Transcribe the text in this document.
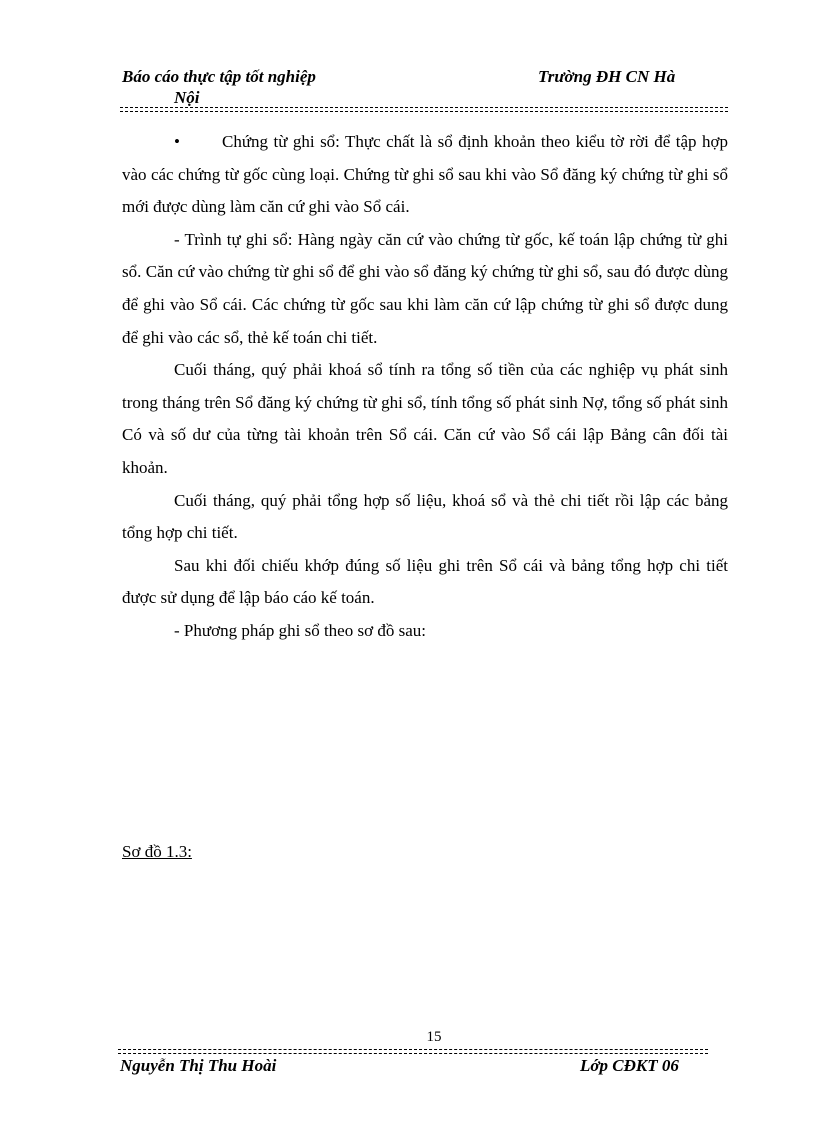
Báo cáo thực tập tốt nghiệp
Nội
Trường ĐH CN Hà

• Chứng từ ghi sổ: Thực chất là sổ định khoản theo kiểu tờ rời để tập hợp vào các chứng từ gốc cùng loại. Chứng từ ghi sổ sau khi vào Sổ đăng ký chứng từ ghi sổ mới được dùng làm căn cứ ghi vào Sổ cái.

- Trình tự ghi sổ: Hàng ngày căn cứ vào chứng từ gốc, kế toán lập chứng từ ghi sổ. Căn cứ vào chứng từ ghi sổ để ghi vào sổ đăng ký chứng từ ghi sổ, sau đó được dùng để ghi vào Sổ cái. Các chứng từ gốc sau khi làm căn cứ lập chứng từ ghi sổ được dung để ghi vào các sổ, thẻ kế toán chi tiết.

Cuối tháng, quý phải khoá sổ tính ra tổng số tiền của các nghiệp vụ phát sinh trong tháng trên Sổ đăng ký chứng từ ghi sổ, tính tổng số phát sinh Nợ, tổng số phát sinh Có và số dư của từng tài khoản trên Sổ cái. Căn cứ vào Sổ cái lập Bảng cân đối tài khoản.

Cuối tháng, quý phải tổng hợp số liệu, khoá sổ và thẻ chi tiết rồi lập các bảng tổng hợp chi tiết.

Sau khi đối chiếu khớp đúng số liệu ghi trên Sổ cái và bảng tổng hợp chi tiết được sử dụng để lập báo cáo kế toán.

- Phương pháp ghi sổ theo sơ đồ sau:

Sơ đồ 1.3:
15
Nguyễn Thị Thu Hoài	Lớp CĐKT 06
